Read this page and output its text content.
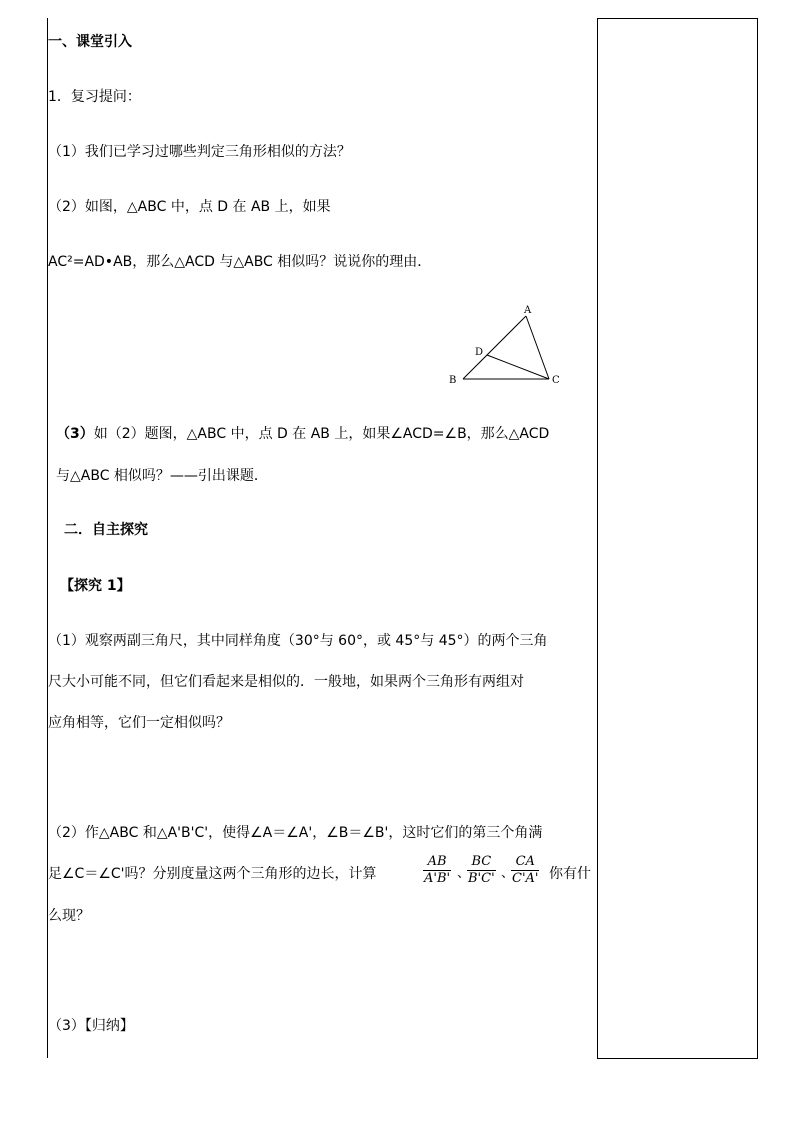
一、课堂引入
1．复习提问：
（1）我们已学习过哪些判定三角形相似的方法？
（2）如图，△ABC 中，点 D 在 AB 上，如果
AC²=AD•AB，那么△ACD 与△ABC 相似吗？说说你的理由．
A
B	C
D
（3）如（2）题图，△ABC 中，点 D 在 AB 上，如果∠ACD=∠B，那么△ACD
与△ABC 相似吗？——引出课题．
二．自主探究
【探究 1】
（1）观察两副三角尺，其中同样角度（30°与 60°，或 45°与 45°）的两个三角
尺大小可能不同，但它们看起来是相似的．一般地，如果两个三角形有两组对
应角相等，它们一定相似吗？
（2）作△ABC 和△A'B'C'，使得∠A＝∠A'，∠B＝∠B'，这时它们的第三个角满
足∠C＝∠C'吗？分别度量这两个三角形的边长，计算	$\frac{AB}{A'B'}$ 、
$\frac{BC}{B'C'}$ 、
$\frac{CA}{C'A'}$ 你有什
么现？
（3）【归纳】
